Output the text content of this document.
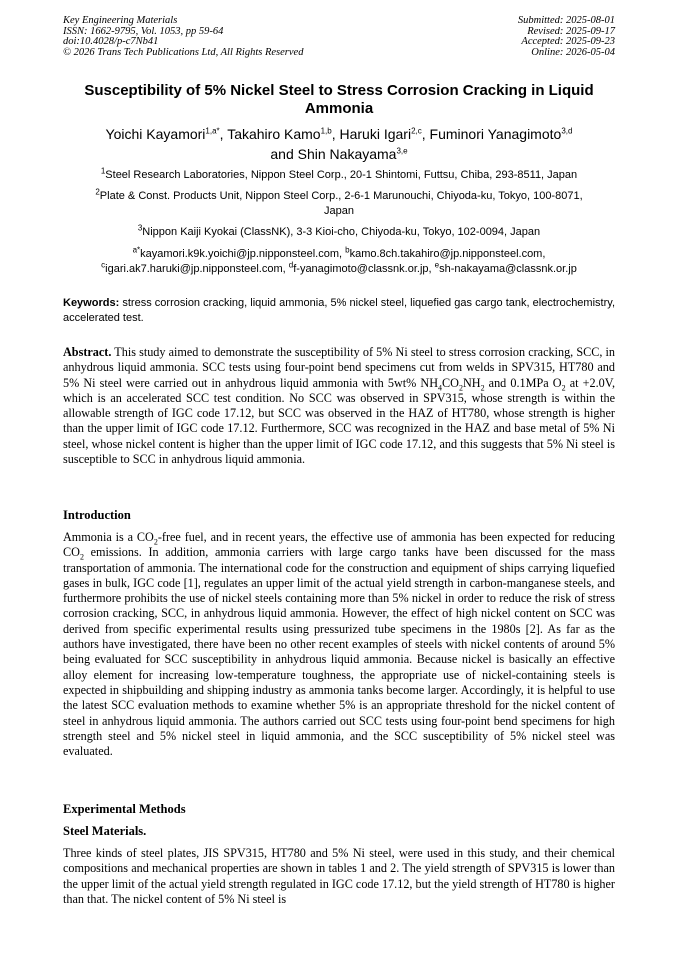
Key Engineering Materials
ISSN: 1662-9795, Vol. 1053, pp 59-64
doi:10.4028/p-c7Nb41
© 2026 Trans Tech Publications Ltd, All Rights Reserved
Submitted: 2025-08-01
Revised: 2025-09-17
Accepted: 2025-09-23
Online: 2026-05-04
Susceptibility of 5% Nickel Steel to Stress Corrosion Cracking in Liquid Ammonia
Yoichi Kayamori$^{1,a*}$, Takahiro Kamo$^{1,b}$, Haruki Igari$^{2,c}$, Fuminori Yanagimoto$^{3,d}$
and Shin Nakayama$^{3,e}$
$^1$Steel Research Laboratories, Nippon Steel Corp., 20-1 Shintomi, Futtsu, Chiba, 293-8511, Japan
$^2$Plate & Const. Products Unit, Nippon Steel Corp., 2-6-1 Marunouchi, Chiyoda-ku, Tokyo, 100-8071, Japan
$^3$Nippon Kaiji Kyokai (ClassNK), 3-3 Kioi-cho, Chiyoda-ku, Tokyo, 102-0094, Japan
$^{a*}$kayamori.k9k.yoichi@jp.nipponsteel.com, $^b$kamo.8ch.takahiro@jp.nipponsteel.com,
$^c$igari.ak7.haruki@jp.nipponsteel.com, $^d$f-yanagimoto@classnk.or.jp, $^e$sh-nakayama@classnk.or.jp
Keywords: stress corrosion cracking, liquid ammonia, 5% nickel steel, liquefied gas cargo tank, electrochemistry, accelerated test.
Abstract. This study aimed to demonstrate the susceptibility of 5% Ni steel to stress corrosion cracking, SCC, in anhydrous liquid ammonia. SCC tests using four-point bend specimens cut from welds in SPV315, HT780 and 5% Ni steel were carried out in anhydrous liquid ammonia with 5wt% $NH_4CO_2NH_2$ and 0.1MPa $O_2$ at +2.0V, which is an accelerated SCC test condition. No SCC was observed in SPV315, whose strength is within the allowable strength of IGC code 17.12, but SCC was observed in the HAZ of HT780, whose strength is higher than the upper limit of IGC code 17.12. Furthermore, SCC was recognized in the HAZ and base metal of 5% Ni steel, whose nickel content is higher than the upper limit of IGC code 17.12, and this suggests that 5% Ni steel is susceptible to SCC in anhydrous liquid ammonia.
Introduction
Ammonia is a $CO_2$-free fuel, and in recent years, the effective use of ammonia has been expected for reducing $CO_2$ emissions. In addition, ammonia carriers with large cargo tanks have been discussed for the mass transportation of ammonia. The international code for the construction and equipment of ships carrying liquefied gases in bulk, IGC code [1], regulates an upper limit of the actual yield strength in carbon-manganese steels, and furthermore prohibits the use of nickel steels containing more than 5% nickel in order to reduce the risk of stress corrosion cracking, SCC, in anhydrous liquid ammonia. However, the effect of high nickel content on SCC was derived from specific experimental results using pressurized tube specimens in the 1980s [2]. As far as the authors have investigated, there have been no other recent examples of steels with nickel contents of around 5% being evaluated for SCC susceptibility in anhydrous liquid ammonia. Because nickel is basically an effective alloy element for increasing low-temperature toughness, the appropriate use of nickel-containing steels is expected in shipbuilding and shipping industry as ammonia tanks become larger. Accordingly, it is helpful to use the latest SCC evaluation methods to examine whether 5% is an appropriate threshold for the nickel content of steel in anhydrous liquid ammonia. The authors carried out SCC tests using four-point bend specimens for high strength steel and 5% nickel steel in liquid ammonia, and the SCC susceptibility of 5% nickel steel was evaluated.
Experimental Methods
Steel Materials.
Three kinds of steel plates, JIS SPV315, HT780 and 5% Ni steel, were used in this study, and their chemical compositions and mechanical properties are shown in tables 1 and 2. The yield strength of SPV315 is lower than the upper limit of the actual yield strength regulated in IGC code 17.12, but the yield strength of HT780 is higher than that. The nickel content of 5% Ni steel is
